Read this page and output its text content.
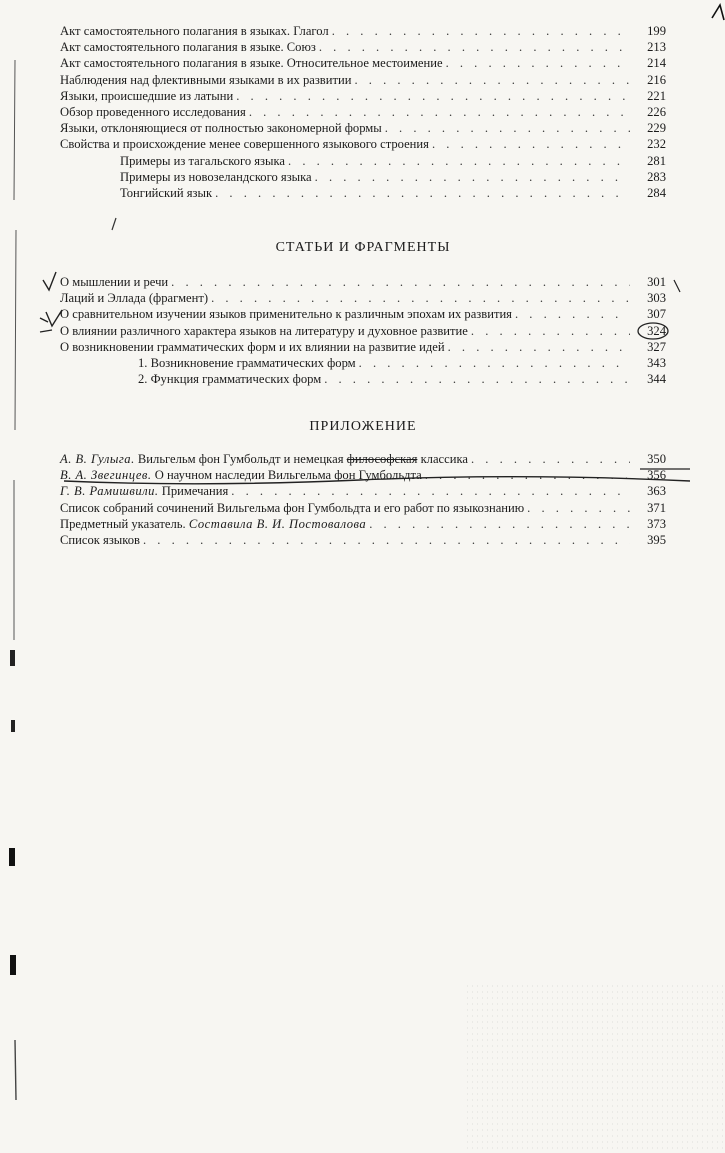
Акт самостоятельного полагания в языках. Глагол . . .	199
Акт самостоятельного полагания в языке. Союз . . .	213
Акт самостоятельного полагания в языке. Относительное местоимение . . .	214
Наблюдения над флективными языками в их развитии . . .	216
Языки, происшедшие из латыни . . .	221
Обзор проведенного исследования . . .	226
Языки, отклоняющиеся от полностью закономерной формы . . .	229
Свойства и происхождение менее совершенного языкового строения . . .	232
Примеры из тагальского языка . . .	281
Примеры из новозеландского языка . . .	283
Тонгийский язык . . .	284
СТАТЬИ И ФРАГМЕНТЫ
О мышлении и речи . . .	301
Лаций и Эллада (фрагмент) . . .	303
О сравнительном изучении языков применительно к различным эпохам их развития . . .	307
О влиянии различного характера языков на литературу и духовное развитие . . .	324
О возникновении грамматических форм и их влиянии на развитие идей . . .	327
1. Возникновение грамматических форм . . .	343
2. Функция грамматических форм . . .	344
ПРИЛОЖЕНИЕ
А. В. Гулыга. Вильгельм фон Гумбольдт и немецкая философская классика . . .	350
В. А. Звегинцев. О научном наследии Вильгельма фон Гумбольдта . . .	356
Г. В. Рамишвили. Примечания . . .	363
Список собраний сочинений Вильгельма фон Гумбольдта и его работ по языкознанию . . .	371
Предметный указатель. Составила В. И. Постовалова . . .	373
Список языков . . .	395
